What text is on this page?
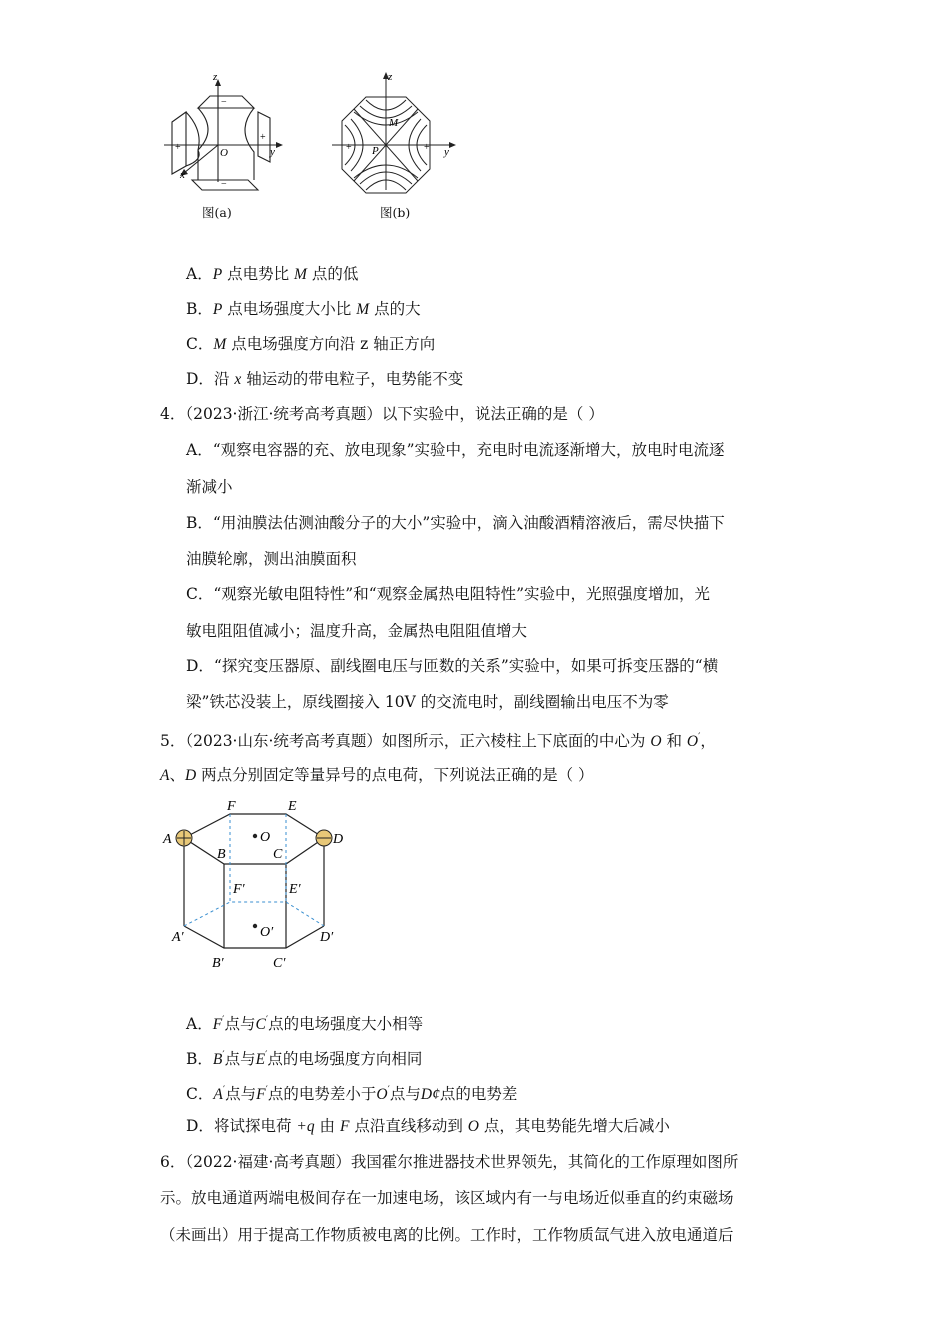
z
y
x
O
+
+
−
−
图(a)
z
y
M
P
+	+
图(b)
A．P 点电势比 M 点的低
B．P 点电场强度大小比 M 点的大
C．M 点电场强度方向沿 z 轴正方向
D．沿 x 轴运动的带电粒子，电势能不变
4．（2023·浙江·统考高考真题）以下实验中，说法正确的是（ ）
A．“观察电容器的充、放电现象”实验中，充电时电流逐渐增大，放电时电流逐
渐减小
B．“用油膜法估测油酸分子的大小”实验中，滴入油酸酒精溶液后，需尽快描下
油膜轮廓，测出油膜面积
C．“观察光敏电阻特性”和“观察金属热电阻特性”实验中，光照强度增加，光
敏电阻阻值减小；温度升高，金属热电阻阻值增大
D．“探究变压器原、副线圈电压与匝数的关系”实验中，如果可拆变压器的“横
梁”铁芯没装上，原线圈接入 10V 的交流电时，副线圈输出电压不为零
5．（2023·山东·统考高考真题）如图所示，正六棱柱上下底面的中心为 O 和 O′，
A、D 两点分别固定等量异号的点电荷，下列说法正确的是（ ）
F	E
A	D
B	C
O
F′	E′
A′	D′
B′	C′
O′
A．F′点与C′点的电场强度大小相等
B．B′点与E′点的电场强度方向相同
C．A′点与F′点的电势差小于O′点与D¢点的电势差
D．将试探电荷 +q 由 F 点沿直线移动到 O 点，其电势能先增大后减小
6．（2022·福建·高考真题）我国霍尔推进器技术世界领先，其简化的工作原理如图所
示。放电通道两端电极间存在一加速电场，该区域内有一与电场近似垂直的约束磁场
（未画出）用于提高工作物质被电离的比例。工作时，工作物质氙气进入放电通道后
